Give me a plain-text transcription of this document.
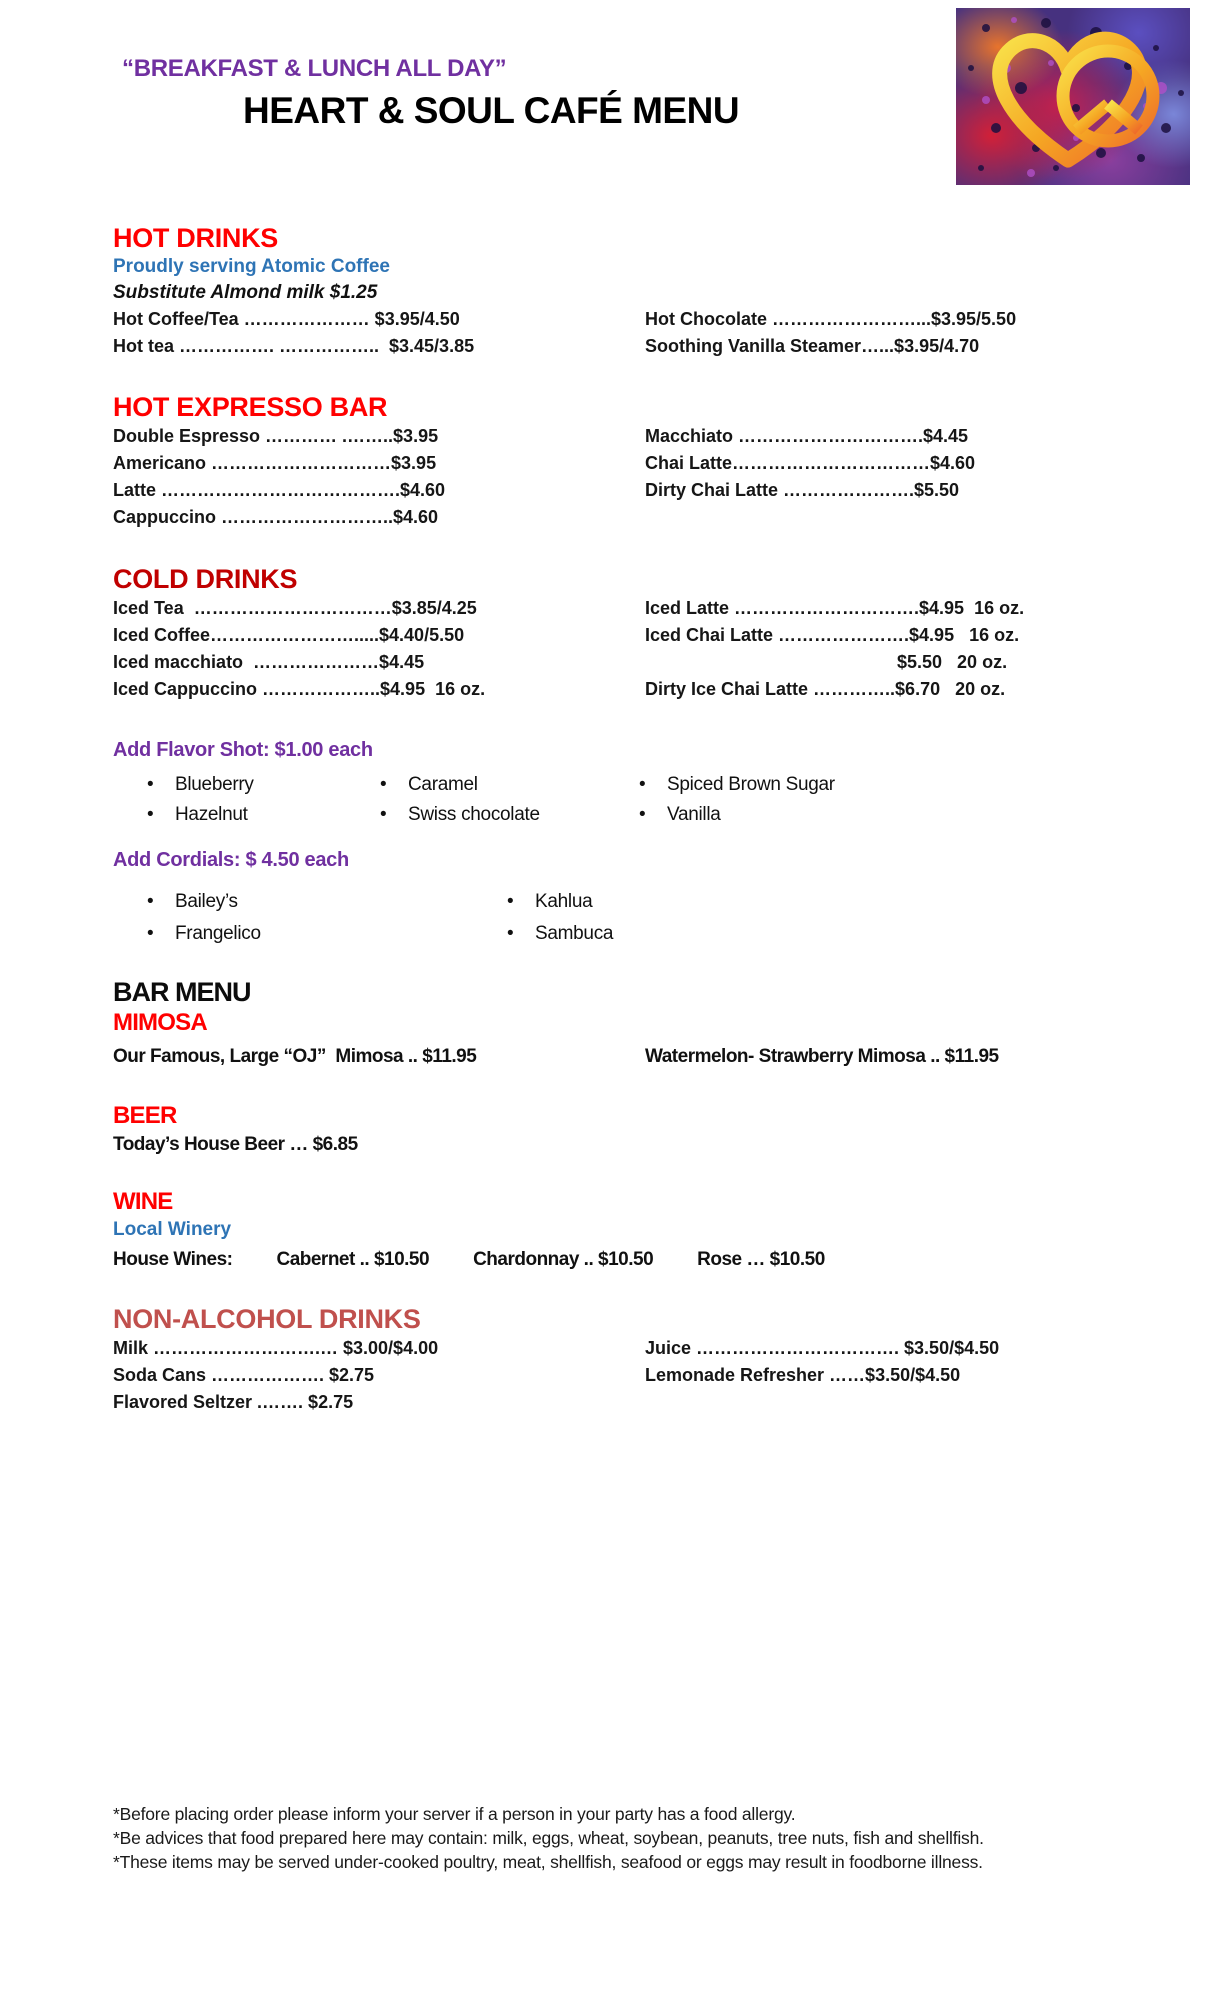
“BREAKFAST & LUNCH ALL DAY”
HEART & SOUL CAFÉ MENU
HOT DRINKS
Proudly serving Atomic Coffee
Substitute Almond milk $1.25
Hot Coffee/Tea ………………… $3.95/4.50
Hot tea ……………. ……………..  $3.45/3.85
Hot Chocolate ……………………...$3.95/5.50
Soothing Vanilla Steamer…...$3.95/4.70
HOT EXPRESSO BAR
Double Espresso ………… .……..$3.95
Americano …………………………$3.95
Latte ………………………………….$4.60
Cappuccino ………………………..$4.60
Macchiato ………………………….$4.45
Chai Latte……………………………$4.60
Dirty Chai Latte ………………….$5.50
COLD DRINKS
Iced Tea  ……………………………$3.85/4.25
Iced Coffee…………………….....$4.40/5.50
Iced macchiato  …………………$4.45
Iced Cappuccino ………………..$4.95  16 oz.
Iced Latte ………………………….$4.95  16 oz.
Iced Chai Latte ………………….$4.95   16 oz.
$5.50   20 oz.
Dirty Ice Chai Latte …………..$6.70   20 oz.
Add Flavor Shot: $1.00 each
• Blueberry
• Hazelnut
• Caramel
• Swiss chocolate
• Spiced Brown Sugar
• Vanilla
Add Cordials: $ 4.50 each
• Bailey’s
• Frangelico
• Kahlua
• Sambuca
BAR MENU
MIMOSA
Our Famous, Large “OJ”  Mimosa .. $11.95	Watermelon- Strawberry Mimosa .. $11.95
BEER
Today’s House Beer … $6.85
WINE
Local Winery
House Wines: Cabernet .. $10.50 Chardonnay .. $10.50 Rose … $10.50
NON-ALCOHOL DRINKS
Milk ……………………….… $3.00/$4.00
Soda Cans ………………. $2.75
Flavored Seltzer .……. $2.75
Juice ……………………………. $3.50/$4.50
Lemonade Refresher ……$3.50/$4.50
*Before placing order please inform your server if a person in your party has a food allergy.
*Be advices that food prepared here may contain: milk, eggs, wheat, soybean, peanuts, tree nuts, fish and shellfish.
*These items may be served under-cooked poultry, meat, shellfish, seafood or eggs may result in foodborne illness.
